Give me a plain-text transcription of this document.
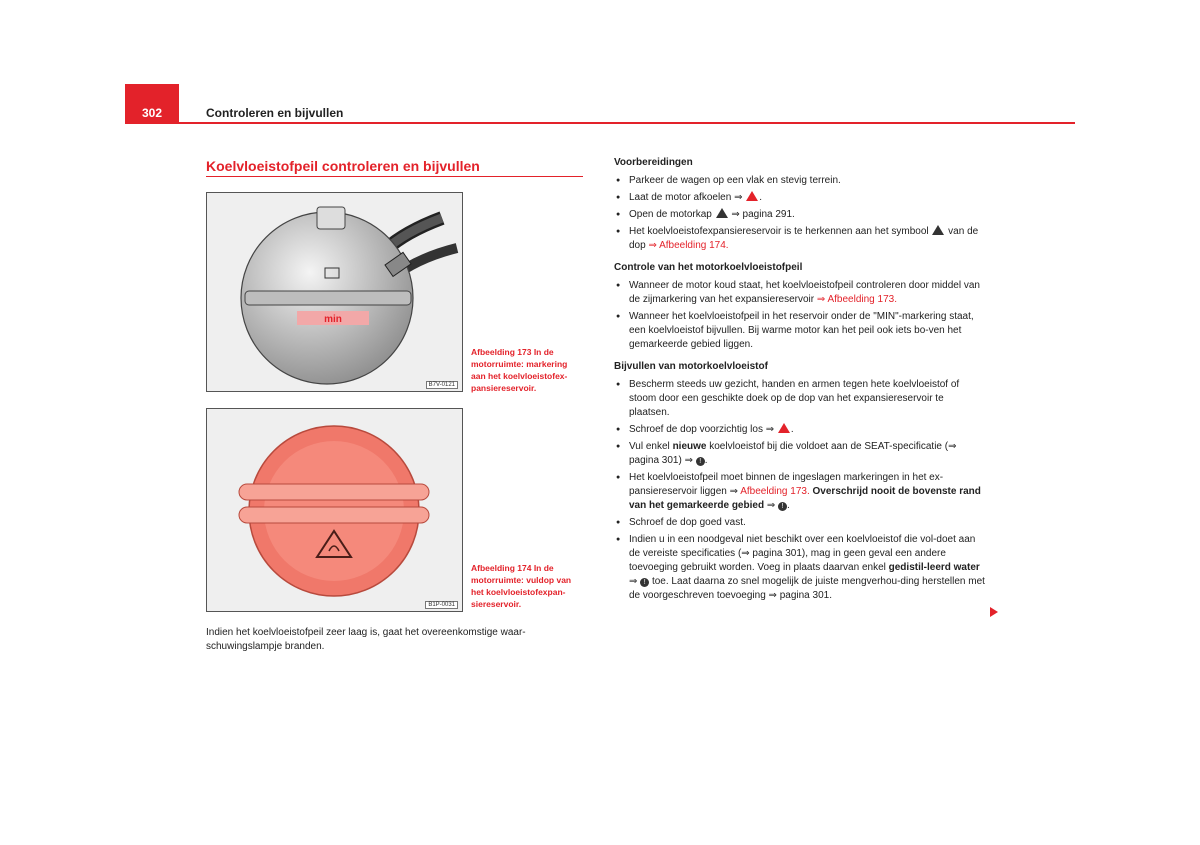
302	Controleren en bijvullen
Koelvloeistofpeil controleren en bijvullen
min
B7V-0121
Afbeelding 173 In de motorruimte: markering aan het koelvloeistofex-pansiereservoir.
B1P-0031
Afbeelding 174 In de motorruimte: vuldop van het koelvloeistofexpan-siereservoir.
Indien het koelvloeistofpeil zeer laag is, gaat het overeenkomstige waar-schuwingslampje branden.
Voorbereidingen
● Parkeer de wagen op een vlak en stevig terrein.
● Laat de motor afkoelen ⇒ .
● Open de motorkap ⇒ pagina 291.
● Het koelvloeistofexpansiereservoir is te herkennen aan het symbool van de dop ⇒ Afbeelding 174.
Controle van het motorkoelvloeistofpeil
● Wanneer de motor koud staat, het koelvloeistofpeil controleren door middel van de zijmarkering van het expansiereservoir ⇒ Afbeelding 173.
● Wanneer het koelvloeistofpeil in het reservoir onder de "MIN"-markering staat, een koelvloeistof bijvullen. Bij warme motor kan het peil ook iets bo-ven het gemarkeerde gebied liggen.
Bijvullen van motorkoelvloeistof
● Bescherm steeds uw gezicht, handen en armen tegen hete koelvloeistof of stoom door een geschikte doek op de dop van het expansiereservoir te plaatsen.
● Schroef de dop voorzichtig los ⇒ .
● Vul enkel nieuwe koelvloeistof bij die voldoet aan de SEAT-specificatie (⇒ pagina 301) ⇒ ! .
● Het koelvloeistofpeil moet binnen de ingeslagen markeringen in het ex-pansiereservoir liggen ⇒ Afbeelding 173. Overschrijd nooit de bovenste rand van het gemarkeerde gebied ⇒ ! .
● Schroef de dop goed vast.
● Indien u in een noodgeval niet beschikt over een koelvloeistof die vol-doet aan de vereiste specificaties (⇒ pagina 301), mag in geen geval een andere toevoeging gebruikt worden. Voeg in plaats daarvan enkel gedistil-leerd water ⇒ ! toe. Laat daarna zo snel mogelijk de juiste mengverhou-ding herstellen met de voorgeschreven toevoeging ⇒ pagina 301.
